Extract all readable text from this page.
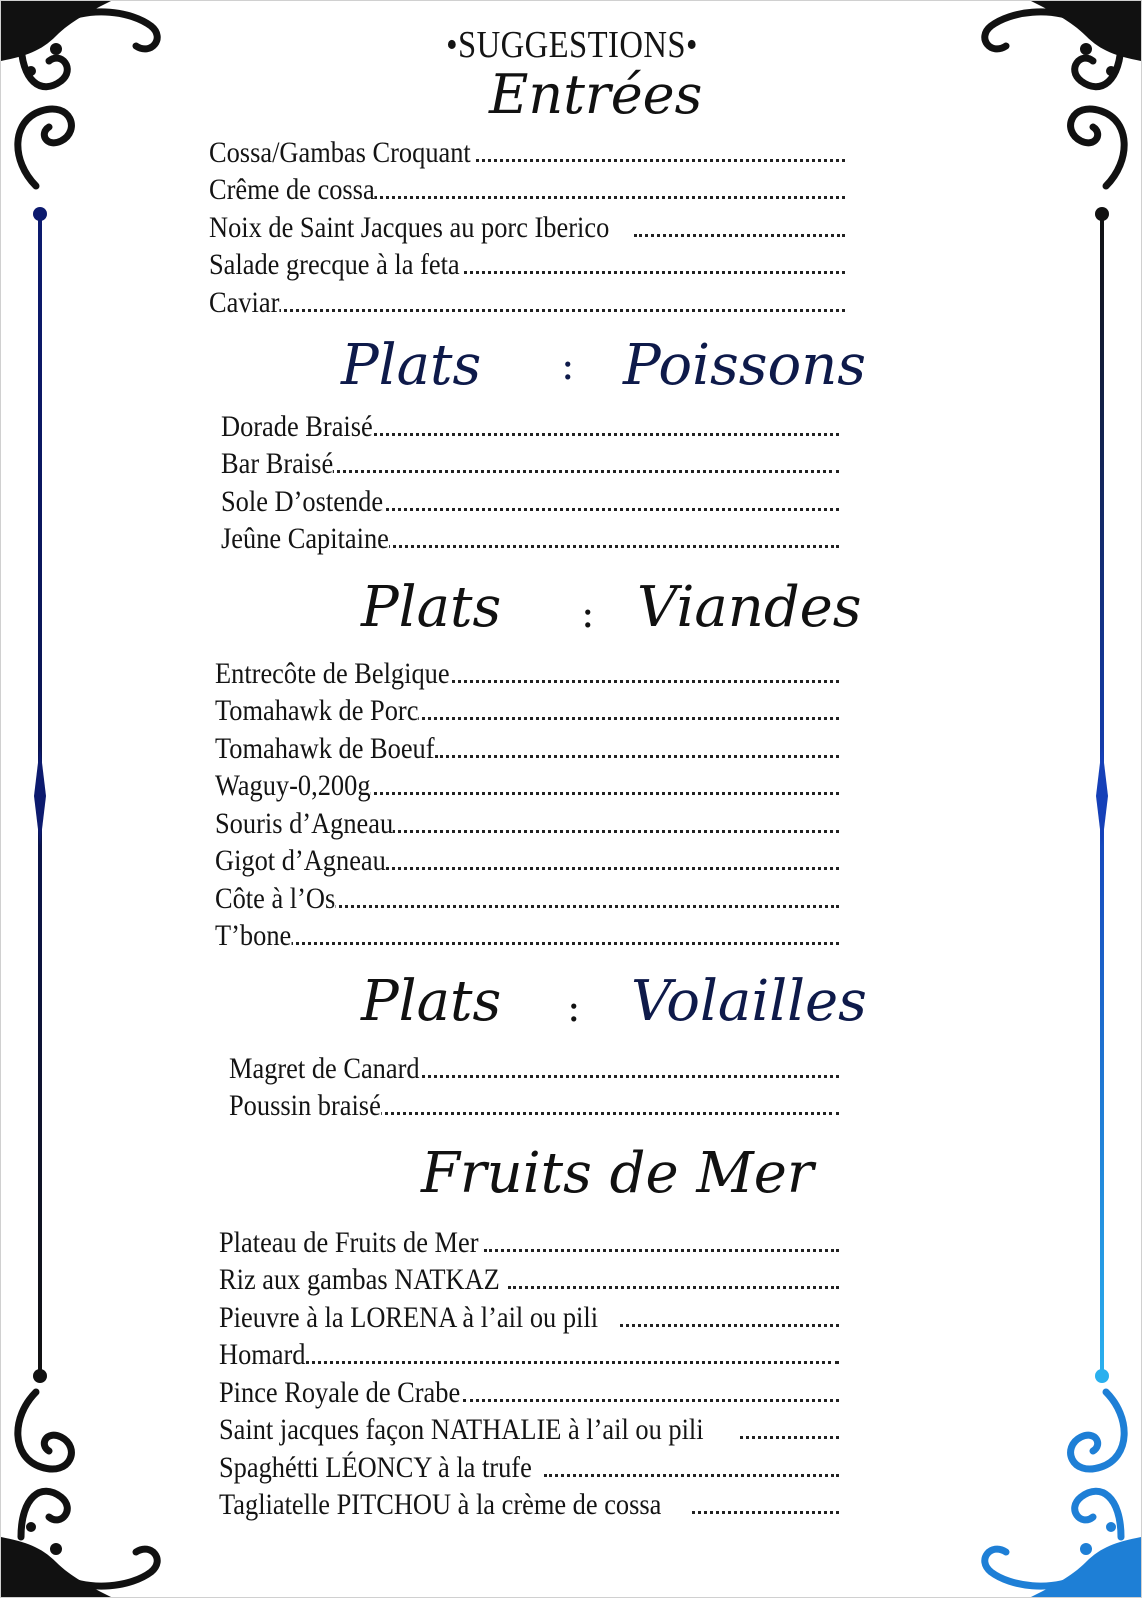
•SUGGESTIONS•
Entrées
Cossa/Gambas Croquant
Crême de cossa
Noix de Saint Jacques au porc Iberico
Salade grecque à la feta
Caviar
Plats : Poissons
Dorade Braisé
Bar Braisé
Sole D’ostende
Jeûne Capitaine
Plats : Viandes
Entrecôte de Belgique
Tomahawk de Porc
Tomahawk de Boeuf
Waguy-0,200g
Souris d’Agneau
Gigot d’Agneau
Côte à l’Os
T’bone
Plats : Volailles
Magret de Canard
Poussin braisé
Fruits de Mer
Plateau de Fruits de Mer
Riz aux gambas NATKAZ
Pieuvre à la LORENA à l’ail ou pili
Homard
Pince Royale de Crabe
Saint jacques façon NATHALIE à l’ail ou pili
Spaghétti LÉONCY à la trufe
Tagliatelle PITCHOU à la crème de cossa
